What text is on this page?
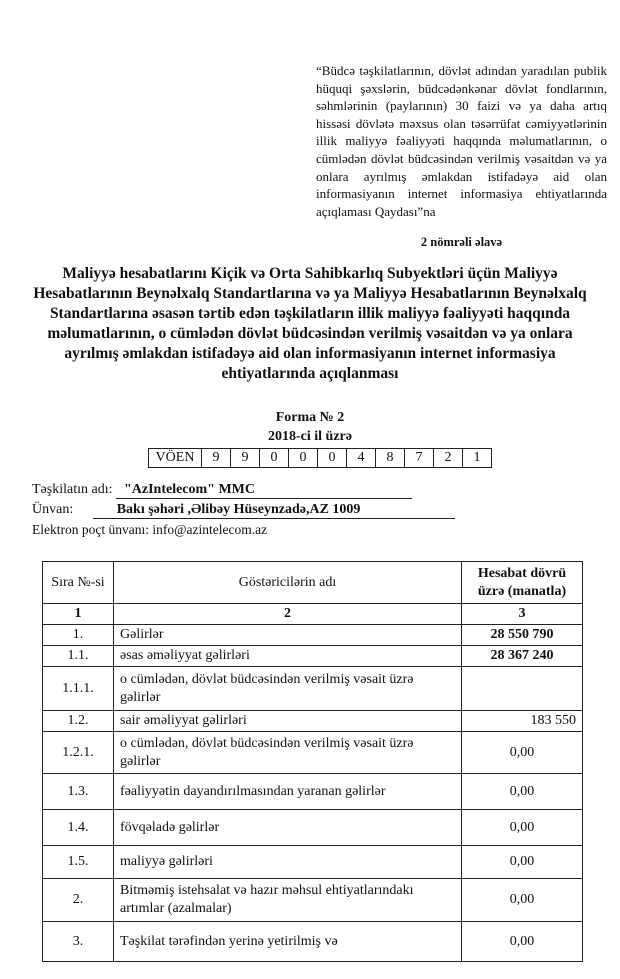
“Büdcə təşkilatlarının, dövlət adından yaradılan publik hüquqi şəxslərin, büdcədənkənar dövlət fondlarının, səhmlərinin (paylarının) 30 faizi və ya daha artıq hissəsi dövlətə məxsus olan təsərrüfat cəmiyyətlərinin illik maliyyə fəaliyyəti haqqında məlumatlarının, o cümlədən dövlət büdcəsindən verilmiş vəsaitdən və ya onlara ayrılmış əmlakdan istifadəyə aid olan informasiyanın internet informasiya ehtiyatlarında açıqlaması Qaydası”na
2 nömrəli əlavə
Maliyyə hesabatlarını Kiçik və Orta Sahibkarlıq Subyektləri üçün Maliyyə Hesabatlarının Beynəlxalq Standartlarına və ya Maliyyə Hesabatlarının Beynəlxalq Standartlarına əsasən tərtib edən təşkilatların illik maliyyə fəaliyyəti haqqında məlumatlarının, o cümlədən dövlət büdcəsindən verilmiş vəsaitdən və ya onlara ayrılmış əmlakdan istifadəyə aid olan informasiyanın internet informasiya ehtiyatlarında açıqlanması
Forma № 2
2018-ci il üzrə
VÖEN	9	9	0	0	0	4	8	7	2	1
Təşkilatın adı: "AzIntelecom" MMC
Ünvan:	Bakı şəhəri ,Əlibəy Hüseynzadə,AZ 1009
Elektron poçt ünvanı: info@azintelecom.az
Sıra №-si	Göstəricilərin adı	Hesabat dövrü üzrə (manatla)
1	2	3
1.	Gəlirlər	28 550 790
1.1.	əsas əməliyyat gəlirləri	28 367 240
1.1.1.	o cümlədən, dövlət büdcəsindən verilmiş vəsait üzrə gəlirlər	
1.2.	sair əməliyyat gəlirləri	183 550
1.2.1.	o cümlədən, dövlət büdcəsindən verilmiş vəsait üzrə gəlirlər	0,00
1.3.	fəaliyyətin dayandırılmasından yaranan gəlirlər	0,00
1.4.	fövqəladə gəlirlər	0,00
1.5.	maliyyə gəlirləri	0,00
2.	Bitməmiş istehsalat və hazır məhsul ehtiyatlarındakı artımlar (azalmalar)	0,00
3.	Təşkilat tərəfindən yerinə yetirilmiş və	0,00
